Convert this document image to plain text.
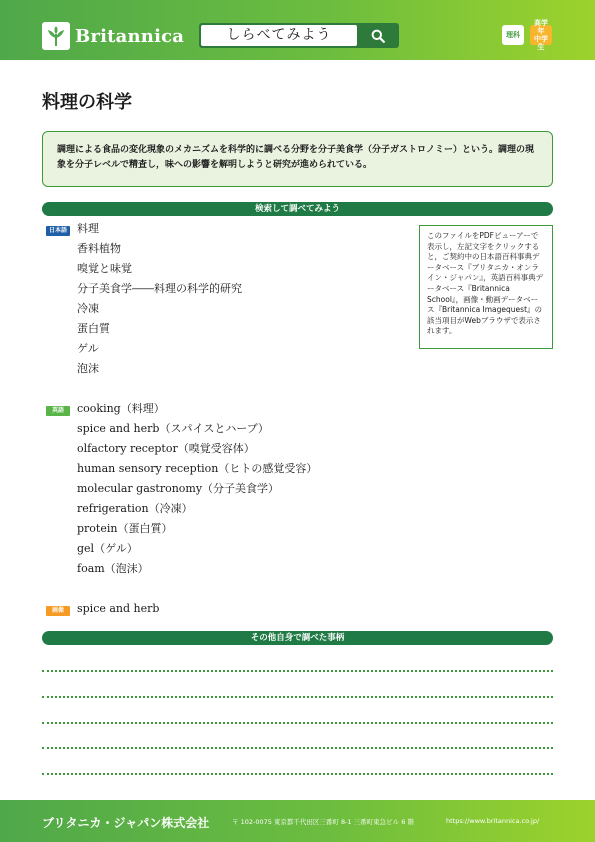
Britannica	しらべてみよう	理科
高学年
中学生
料理の科学
調理による食品の変化現象のメカニズムを科学的に調べる分野を分子美食学（分子ガストロノミー）という。調理の現象を分子レベルで精査し，味への影響を解明しようと研究が進められている。
検索して調べてみよう
日本語 料理
香料植物
嗅覚と味覚
分子美食学――料理の科学的研究
冷凍
蛋白質
ゲル
泡沫
このファイルをPDFビューアーで表示し，左記文字をクリックすると，ご契約中の日本語百科事典データベース『ブリタニカ・オンライン・ジャパン』，英語百科事典データベース『Britannica School』，画像・動画データベース『Britannica Imagequest』の該当項目がWebブラウザで表示されます。
英語	cooking（料理）
spice and herb（スパイスとハーブ）
olfactory receptor（嗅覚受容体）
human sensory reception（ヒトの感覚受容）
molecular gastronomy（分子美食学）
refrigeration（冷凍）
protein（蛋白質）
gel（ゲル）
foam（泡沫）
画像	spice and herb
その他自身で調べた事柄
ブリタニカ・ジャパン株式会社	〒 102-0075 東京都千代田区三番町 8-1 三番町東急ビル 6 階	https://www.britannica.co.jp/
